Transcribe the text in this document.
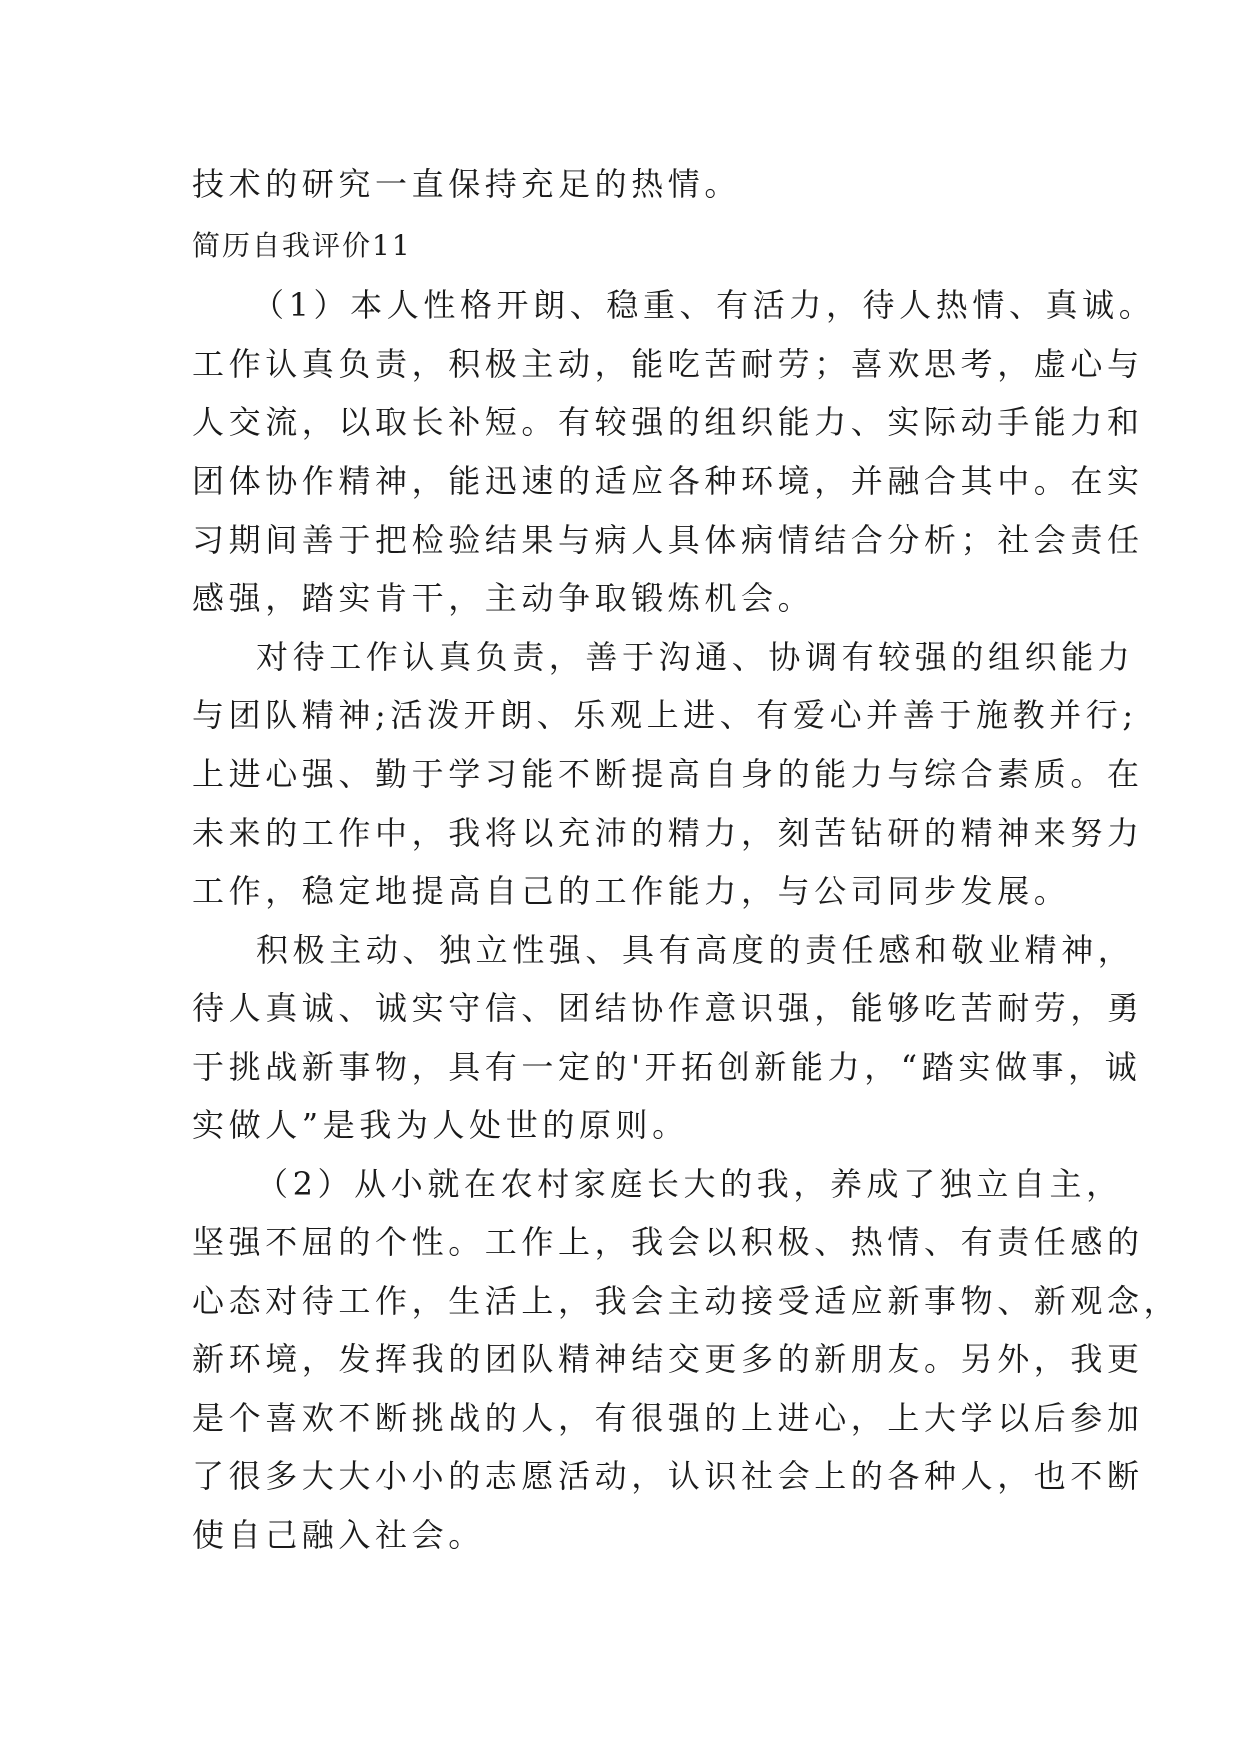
技术的研究一直保持充足的热情。
简历自我评价11
（1）本人性格开朗、稳重、有活力，待人热情、真诚。
工作认真负责，积极主动，能吃苦耐劳；喜欢思考，虚心与
人交流，以取长补短。有较强的组织能力、实际动手能力和
团体协作精神，能迅速的适应各种环境，并融合其中。在实
习期间善于把检验结果与病人具体病情结合分析；社会责任
感强，踏实肯干，主动争取锻炼机会。
对待工作认真负责，善于沟通、协调有较强的组织能力
与团队精神;活泼开朗、乐观上进、有爱心并善于施教并行;
上进心强、勤于学习能不断提高自身的能力与综合素质。在
未来的工作中，我将以充沛的精力，刻苦钻研的精神来努力
工作，稳定地提高自己的工作能力，与公司同步发展。
积极主动、独立性强、具有高度的责任感和敬业精神，
待人真诚、诚实守信、团结协作意识强，能够吃苦耐劳，勇
于挑战新事物，具有一定的'开拓创新能力，“踏实做事，诚
实做人”是我为人处世的原则。
（2）从小就在农村家庭长大的我，养成了独立自主，
坚强不屈的个性。工作上，我会以积极、热情、有责任感的
心态对待工作，生活上，我会主动接受适应新事物、新观念，
新环境，发挥我的团队精神结交更多的新朋友。另外，我更
是个喜欢不断挑战的人，有很强的上进心，上大学以后参加
了很多大大小小的志愿活动，认识社会上的各种人，也不断
使自己融入社会。
